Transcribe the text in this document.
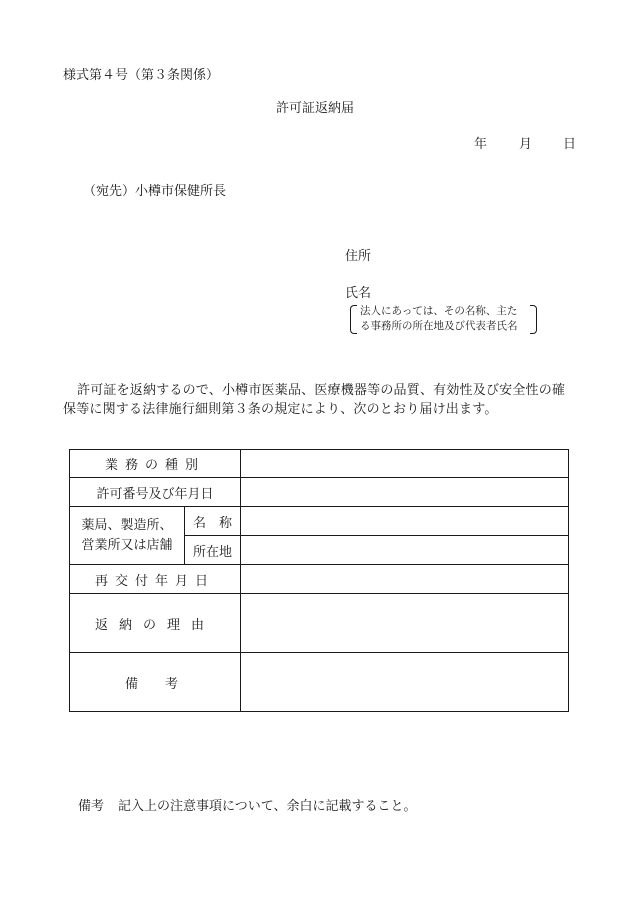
様式第４号（第３条関係）
許可証返納届
年 月 日
（宛先）小樽市保健所長
住所
氏名
法人にあっては、その名称、主た
る事務所の所在地及び代表者氏名
許可証を返納するので、小樽市医薬品、医療機器等の品質、有効性及び安全性の確保等に関する法律施行細則第３条の規定により、次のとおり届け出ます。
業務の種別		
許可番号及び年月日		

薬局、製造所、
営業所又は店舗	名　称	
	所在地	
再交付年月日		
返納の理由		
備　考		
備考 記入上の注意事項について、余白に記載すること。
